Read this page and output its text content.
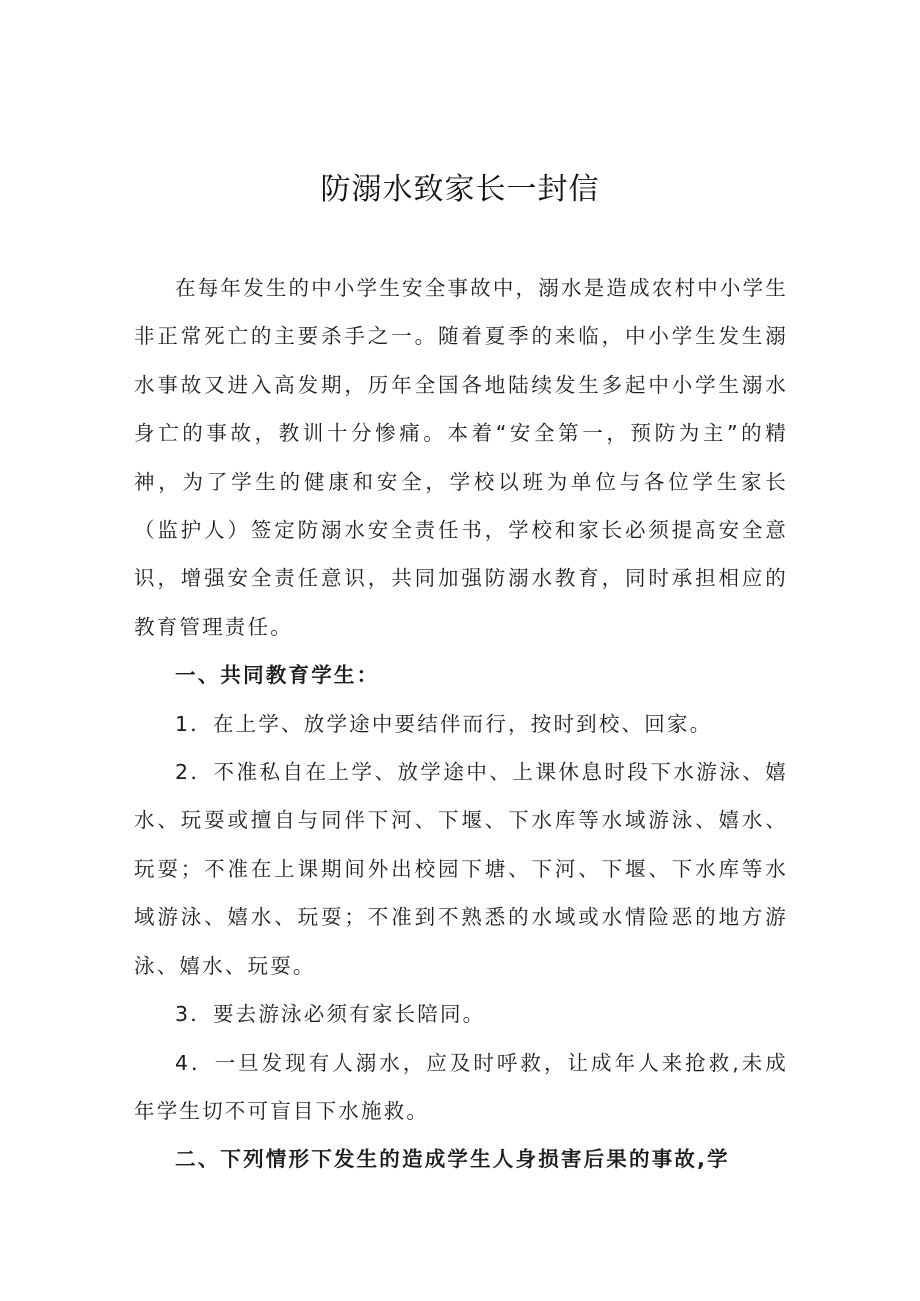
防溺水致家长一封信

在每年发生的中小学生安全事故中，溺水是造成农村中小学生非正常死亡的主要杀手之一。随着夏季的来临，中小学生发生溺水事故又进入高发期，历年全国各地陆续发生多起中小学生溺水身亡的事故，教训十分惨痛。本着“安全第一，预防为主”的精神，为了学生的健康和安全，学校以班为单位与各位学生家长（监护人）签定防溺水安全责任书，学校和家长必须提高安全意识，增强安全责任意识，共同加强防溺水教育，同时承担相应的教育管理责任。

一、共同教育学生：

1．在上学、放学途中要结伴而行，按时到校、回家。

2．不准私自在上学、放学途中、上课休息时段下水游泳、嬉水、玩耍或擅自与同伴下河、下堰、下水库等水域游泳、嬉水、玩耍；不准在上课期间外出校园下塘、下河、下堰、下水库等水域游泳、嬉水、玩耍；不准到不熟悉的水域或水情险恶的地方游泳、嬉水、玩耍。

3．要去游泳必须有家长陪同。

4．一旦发现有人溺水，应及时呼救，让成年人来抢救,未成年学生切不可盲目下水施救。

二、下列情形下发生的造成学生人身损害后果的事故,学
